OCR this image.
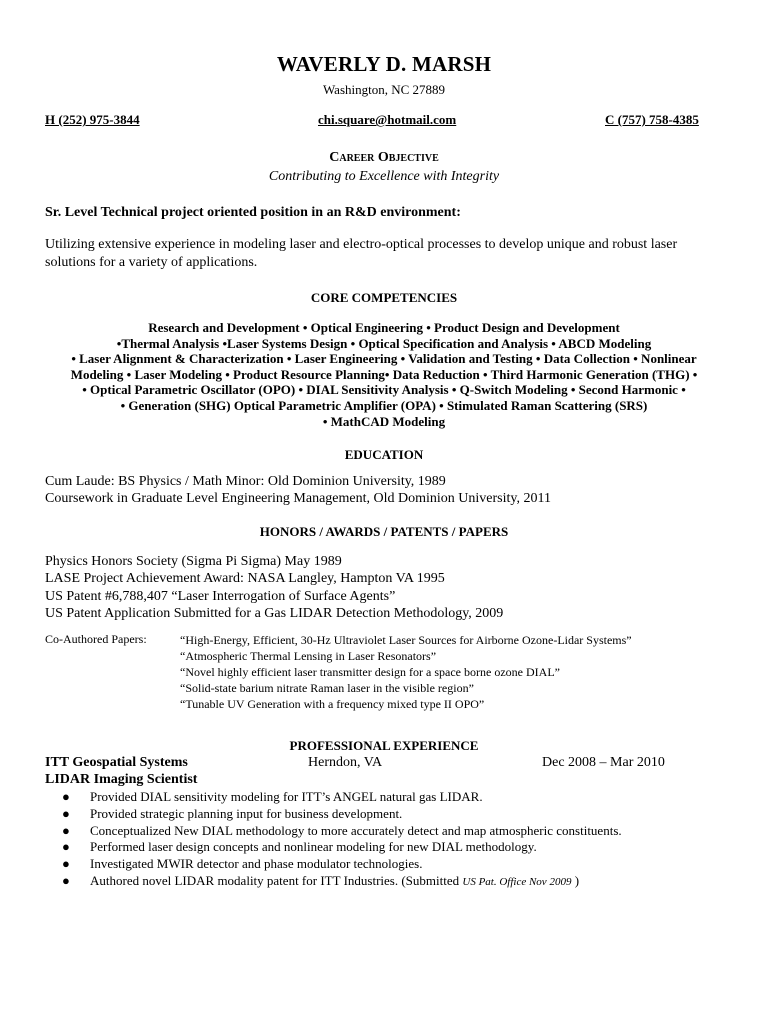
WAVERLY D. MARSH
Washington, NC 27889
H (252) 975-3844	chi.square@hotmail.com	C (757) 758-4385
Career Objective
Contributing to Excellence with Integrity
Sr. Level Technical project oriented position in an R&D environment:
Utilizing extensive experience in modeling laser and electro-optical processes to develop unique and robust laser solutions for a variety of applications.
CORE COMPETENCIES
Research and Development • Optical Engineering • Product Design and Development
•Thermal Analysis •Laser Systems Design • Optical Specification and Analysis • ABCD Modeling
• Laser Alignment & Characterization • Laser Engineering • Validation and Testing • Data Collection • Nonlinear
Modeling • Laser Modeling • Product Resource Planning• Data Reduction • Third Harmonic Generation (THG) •
• Optical Parametric Oscillator (OPO) • DIAL Sensitivity Analysis • Q-Switch Modeling • Second Harmonic •
• Generation (SHG) Optical Parametric Amplifier (OPA) • Stimulated Raman Scattering (SRS)
• MathCAD Modeling
EDUCATION
Cum Laude: BS Physics / Math Minor: Old Dominion University, 1989
Coursework in Graduate Level Engineering Management, Old Dominion University, 2011
HONORS / AWARDS / PATENTS / PAPERS
Physics Honors Society (Sigma Pi Sigma) May 1989
LASE Project Achievement Award: NASA Langley, Hampton VA 1995
US Patent #6,788,407 “Laser Interrogation of Surface Agents”
US Patent Application Submitted for a Gas LIDAR Detection Methodology, 2009
Co-Authored Papers:	“High-Energy, Efficient, 30-Hz Ultraviolet Laser Sources for Airborne Ozone-Lidar Systems”
“Atmospheric Thermal Lensing in Laser Resonators”
“Novel highly efficient laser transmitter design for a space borne ozone DIAL”
“Solid-state barium nitrate Raman laser in the visible region”
“Tunable UV Generation with a frequency mixed type II OPO”
PROFESSIONAL EXPERIENCE
ITT Geospatial Systems	Herndon, VA	Dec 2008 – Mar 2010
LIDAR Imaging Scientist
● Provided DIAL sensitivity modeling for ITT’s ANGEL natural gas LIDAR.
● Provided strategic planning input for business development.
● Conceptualized New DIAL methodology to more accurately detect and map atmospheric constituents.
● Performed laser design concepts and nonlinear modeling for new DIAL methodology.
● Investigated MWIR detector and phase modulator technologies.
● Authored novel LIDAR modality patent for ITT Industries. (Submitted US Pat. Office Nov 2009 )
